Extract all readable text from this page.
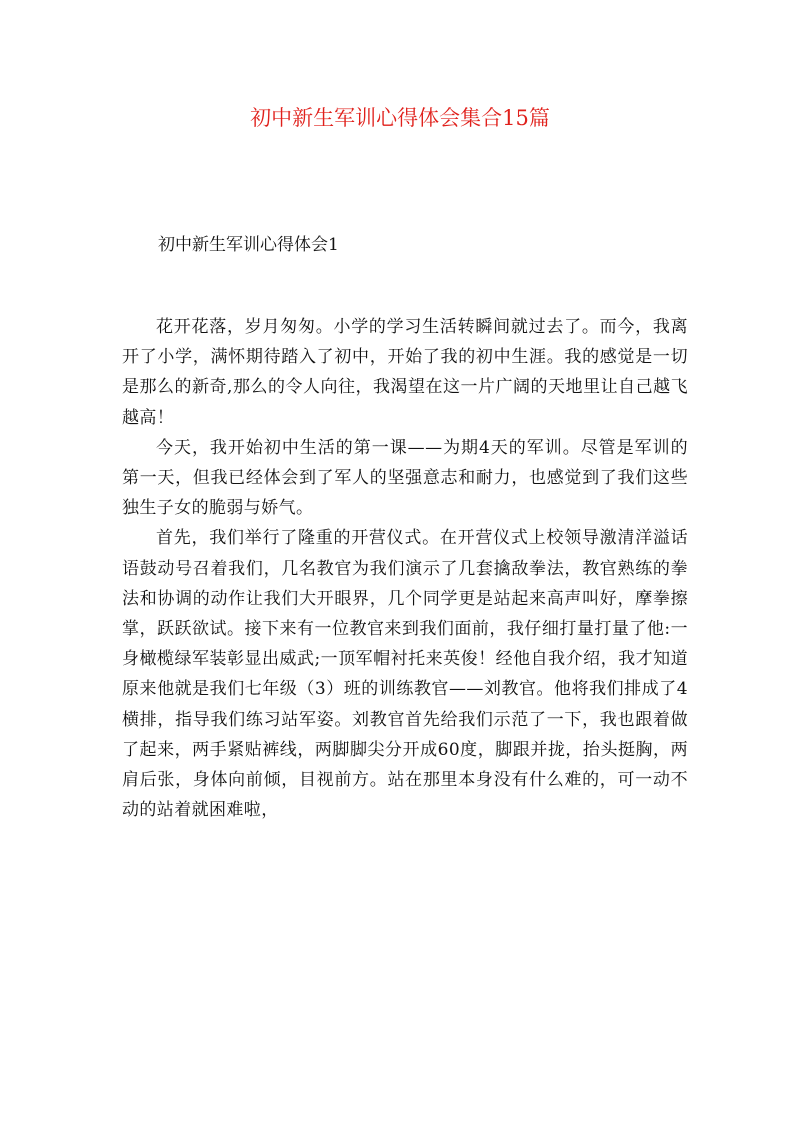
初中新生军训心得体会集合15篇
初中新生军训心得体会1

花开花落，岁月匆匆。小学的学习生活转瞬间就过去了。而今，我离开了小学，满怀期待踏入了初中，开始了我的初中生涯。我的感觉是一切是那么的新奇,那么的令人向往，我渴望在这一片广阔的天地里让自己越飞越高！

今天，我开始初中生活的第一课——为期4天的军训。尽管是军训的第一天，但我已经体会到了军人的坚强意志和耐力，也感觉到了我们这些独生子女的脆弱与娇气。

首先，我们举行了隆重的开营仪式。在开营仪式上校领导激清洋溢话语鼓动号召着我们，几名教官为我们演示了几套擒敌拳法，教官熟练的拳法和协调的动作让我们大开眼界，几个同学更是站起来高声叫好，摩拳擦掌，跃跃欲试。接下来有一位教官来到我们面前，我仔细打量打量了他:一身橄榄绿军装彰显出威武;一顶军帽衬托来英俊！经他自我介绍，我才知道原来他就是我们七年级（3）班的训练教官——刘教官。他将我们排成了4横排，指导我们练习站军姿。刘教官首先给我们示范了一下，我也跟着做了起来，两手紧贴裤线，两脚脚尖分开成60度，脚跟并拢，抬头挺胸，两肩后张，身体向前倾，目视前方。站在那里本身没有什么难的，可一动不动的站着就困难啦，
